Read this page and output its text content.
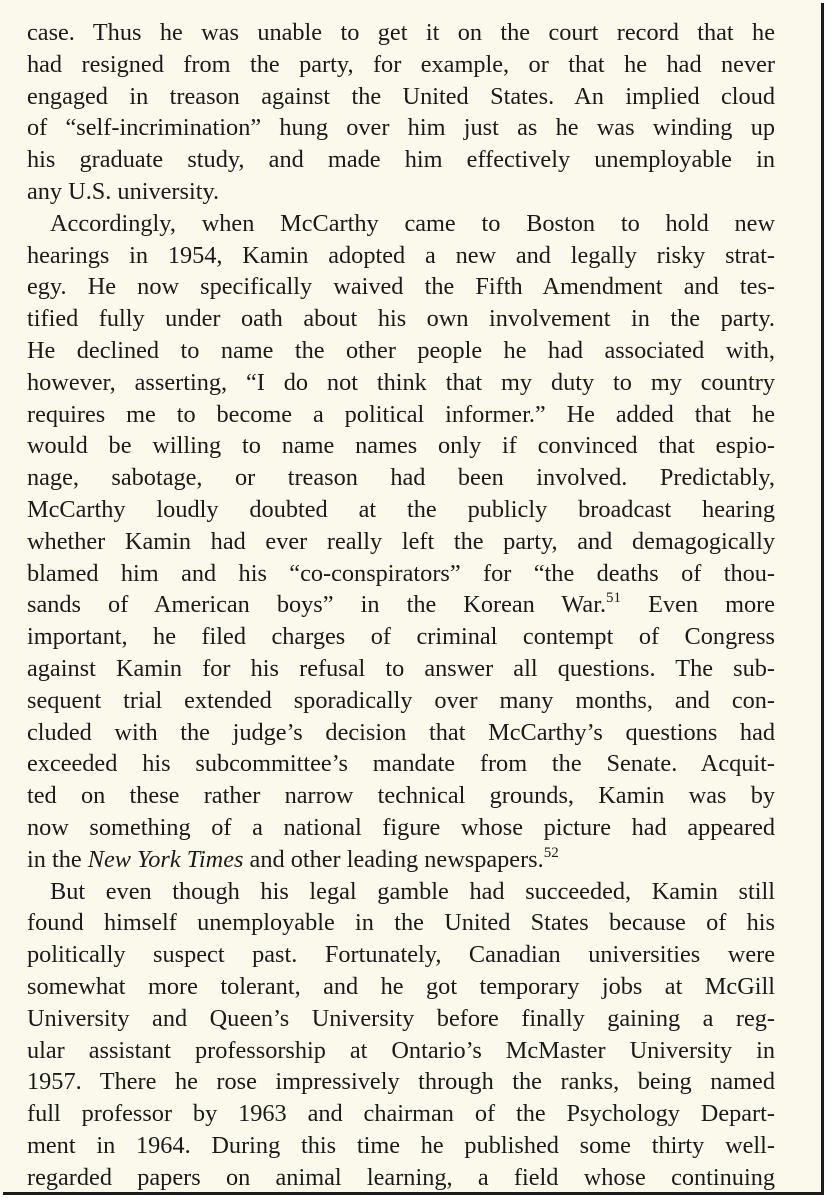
case. Thus he was unable to get it on the court record that he
had resigned from the party, for example, or that he had never
engaged in treason against the United States. An implied cloud
of “self-incrimination” hung over him just as he was winding up
his graduate study, and made him effectively unemployable in
any U.S. university.
Accordingly, when McCarthy came to Boston to hold new
hearings in 1954, Kamin adopted a new and legally risky strat-
egy. He now specifically waived the Fifth Amendment and tes-
tified fully under oath about his own involvement in the party.
He declined to name the other people he had associated with,
however, asserting, “I do not think that my duty to my country
requires me to become a political informer.” He added that he
would be willing to name names only if convinced that espio-
nage, sabotage, or treason had been involved. Predictably,
McCarthy loudly doubted at the publicly broadcast hearing
whether Kamin had ever really left the party, and demagogically
blamed him and his “co-conspirators” for “the deaths of thou-
sands of American boys” in the Korean War.$^{51}$ Even more
important, he filed charges of criminal contempt of Congress
against Kamin for his refusal to answer all questions. The sub-
sequent trial extended sporadically over many months, and con-
cluded with the judge’s decision that McCarthy’s questions had
exceeded his subcommittee’s mandate from the Senate. Acquit-
ted on these rather narrow technical grounds, Kamin was by
now something of a national figure whose picture had appeared
in the New York Times and other leading newspapers.$^{52}$
But even though his legal gamble had succeeded, Kamin still
found himself unemployable in the United States because of his
politically suspect past. Fortunately, Canadian universities were
somewhat more tolerant, and he got temporary jobs at McGill
University and Queen’s University before finally gaining a reg-
ular assistant professorship at Ontario’s McMaster University in
1957. There he rose impressively through the ranks, being named
full professor by 1963 and chairman of the Psychology Depart-
ment in 1964. During this time he published some thirty well-
regarded papers on animal learning, a field whose continuing
